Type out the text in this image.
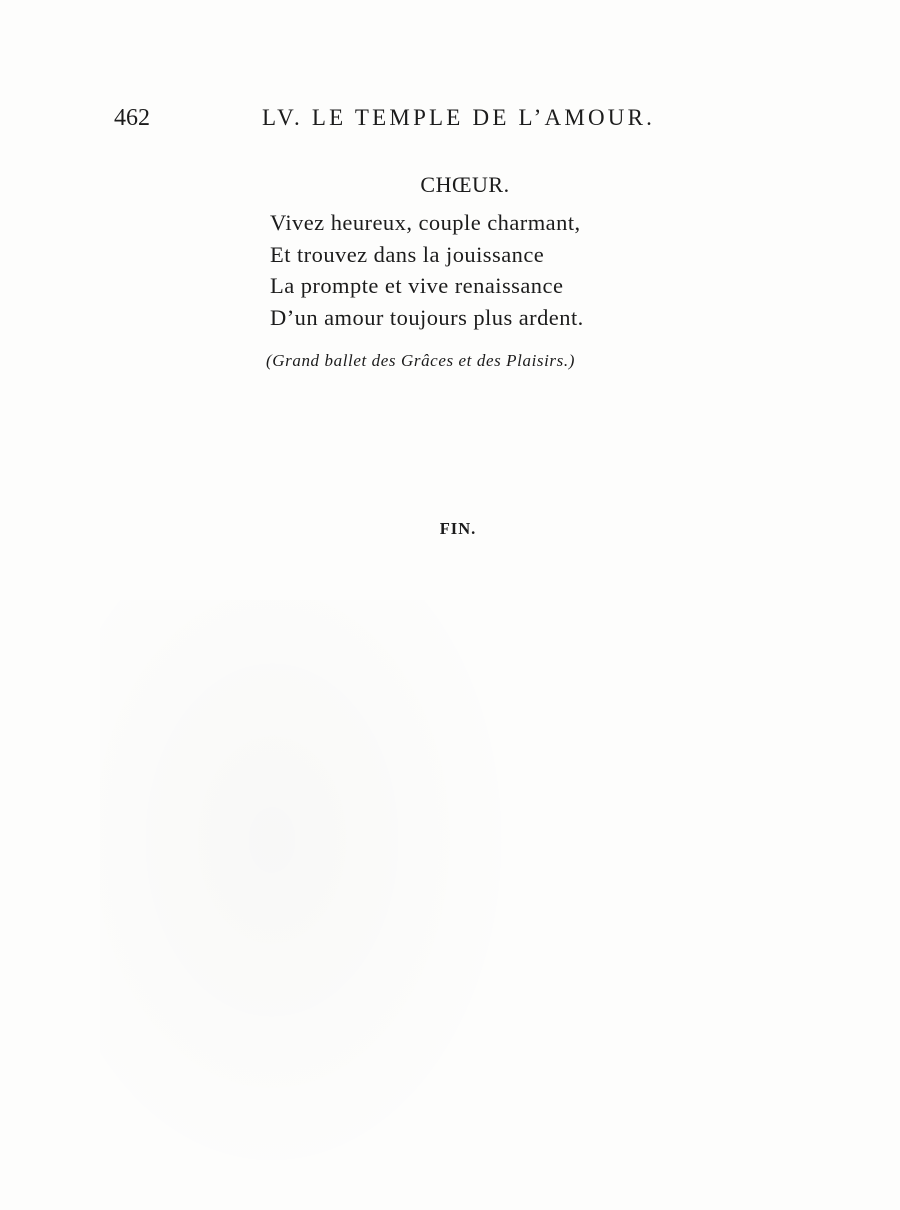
462	LV. LE TEMPLE DE L’AMOUR.
CHŒUR.
Vivez heureux, couple charmant,
Et trouvez dans la jouissance
La prompte et vive renaissance
D’un amour toujours plus ardent.
(Grand ballet des Grâces et des Plaisirs.)
FIN.
